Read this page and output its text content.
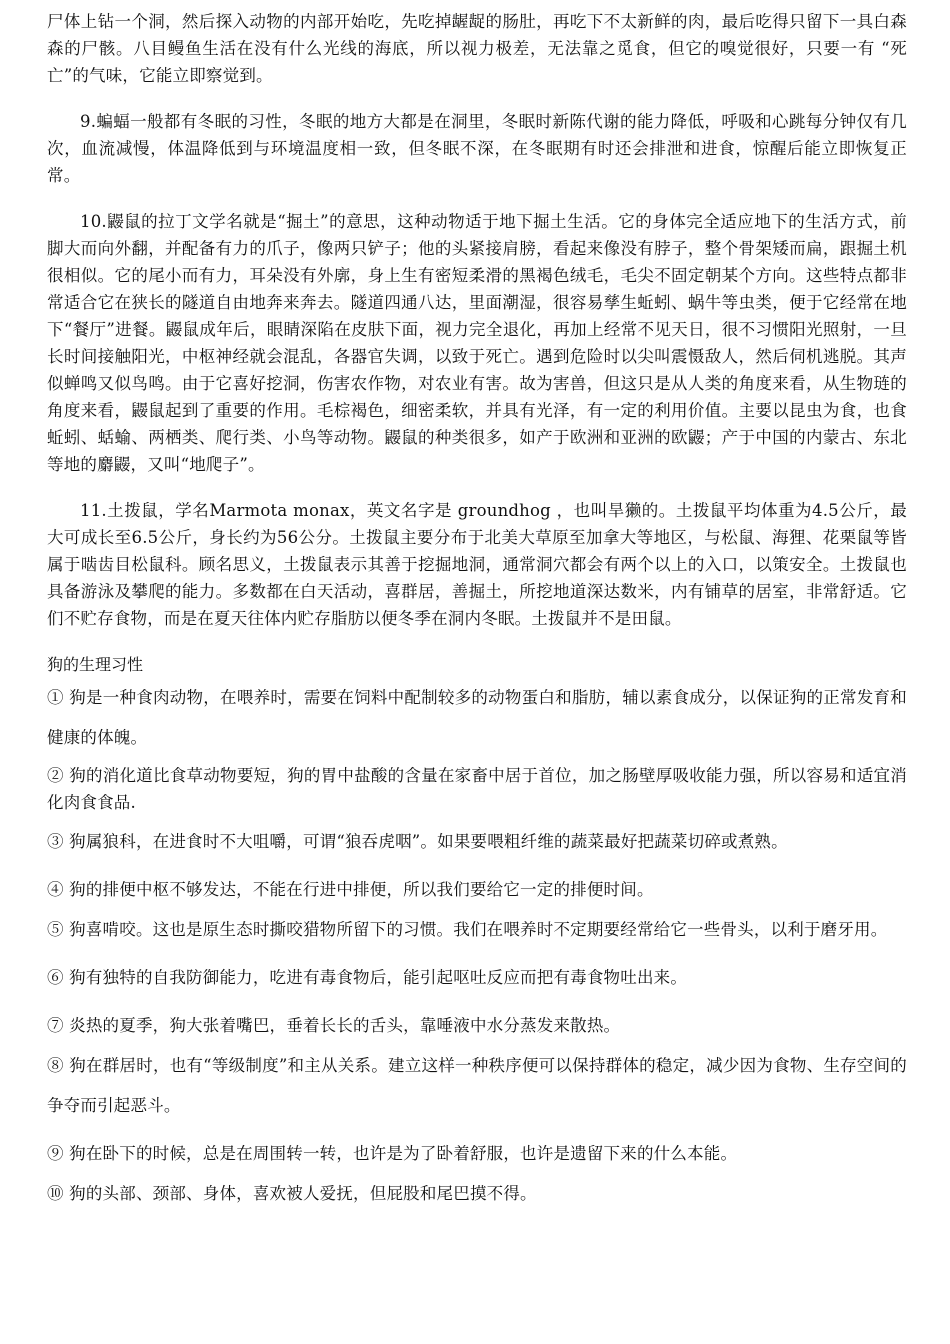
尸体上钻一个洞，然后探入动物的内部开始吃，先吃掉龌龊的肠肚，再吃下不太新鲜的肉，最后吃得只留下一具白森森的尸骸。八目鳗鱼生活在没有什么光线的海底，所以视力极差，无法靠之觅食，但它的嗅觉很好，只要一有 “死亡”的气味，它能立即察觉到。

9.蝙蝠一般都有冬眠的习性，冬眠的地方大都是在洞里，冬眠时新陈代谢的能力降低，呼吸和心跳每分钟仅有几次，血流减慢，体温降低到与环境温度相一致，但冬眠不深，在冬眠期有时还会排泄和进食，惊醒后能立即恢复正常。

10.鼹鼠的拉丁文学名就是“掘土”的意思，这种动物适于地下掘土生活。它的身体完全适应地下的生活方式，前脚大而向外翻，并配备有力的爪子，像两只铲子；他的头紧接肩膀，看起来像没有脖子，整个骨架矮而扁，跟掘土机很相似。它的尾小而有力，耳朵没有外廓，身上生有密短柔滑的黑褐色绒毛，毛尖不固定朝某个方向。这些特点都非常适合它在狭长的隧道自由地奔来奔去。隧道四通八达，里面潮湿，很容易孳生蚯蚓、蜗牛等虫类，便于它经常在地下“餐厅”进餐。鼹鼠成年后，眼睛深陷在皮肤下面，视力完全退化，再加上经常不见天日，很不习惯阳光照射，一旦长时间接触阳光，中枢神经就会混乱，各器官失调，以致于死亡。遇到危险时以尖叫震慑敌人，然后伺机逃脱。其声似蝉鸣又似鸟鸣。由于它喜好挖洞，伤害农作物，对农业有害。故为害兽，但这只是从人类的角度来看，从生物琏的角度来看，鼹鼠起到了重要的作用。毛棕褐色，细密柔软，并具有光泽，有一定的利用价值。主要以昆虫为食，也食蚯蚓、蛞蝓、两栖类、爬行类、小鸟等动物。鼹鼠的种类很多，如产于欧洲和亚洲的欧鼹；产于中国的内蒙古、东北等地的麝鼹，又叫“地爬子”。

11.土拨鼠，学名Marmota monax，英文名字是 groundhog ，也叫旱獭的。土拨鼠平均体重为4.5公斤，最大可成长至6.5公斤，身长约为56公分。土拨鼠主要分布于北美大草原至加拿大等地区，与松鼠、海狸、花栗鼠等皆属于啮齿目松鼠科。顾名思义，土拨鼠表示其善于挖掘地洞，通常洞穴都会有两个以上的入口，以策安全。土拨鼠也具备游泳及攀爬的能力。多数都在白天活动，喜群居，善掘土，所挖地道深达数米，内有铺草的居室，非常舒适。它们不贮存食物，而是在夏天往体内贮存脂肪以便冬季在洞内冬眠。土拨鼠并不是田鼠。

狗的生理习性

① 狗是一种食肉动物，在喂养时，需要在饲料中配制较多的动物蛋白和脂肪，辅以素食成分，以保证狗的正常发育和健康的体魄。

② 狗的消化道比食草动物要短，狗的胃中盐酸的含量在家畜中居于首位，加之肠壁厚吸收能力强，所以容易和适宜消化肉食食品.

③ 狗属狼科，在进食时不大咀嚼，可谓“狼吞虎咽”。如果要喂粗纤维的蔬菜最好把蔬菜切碎或煮熟。

④ 狗的排便中枢不够发达，不能在行进中排便，所以我们要给它一定的排便时间。

⑤ 狗喜啃咬。这也是原生态时撕咬猎物所留下的习惯。我们在喂养时不定期要经常给它一些骨头，以利于磨牙用。

⑥ 狗有独特的自我防御能力，吃进有毒食物后，能引起呕吐反应而把有毒食物吐出来。

⑦ 炎热的夏季，狗大张着嘴巴，垂着长长的舌头，靠唾液中水分蒸发来散热。

⑧ 狗在群居时，也有“等级制度”和主从关系。建立这样一种秩序便可以保持群体的稳定，减少因为食物、生存空间的争夺而引起恶斗。

⑨ 狗在卧下的时候，总是在周围转一转，也许是为了卧着舒服，也许是遗留下来的什么本能。

⑩ 狗的头部、颈部、身体，喜欢被人爱抚，但屁股和尾巴摸不得。
